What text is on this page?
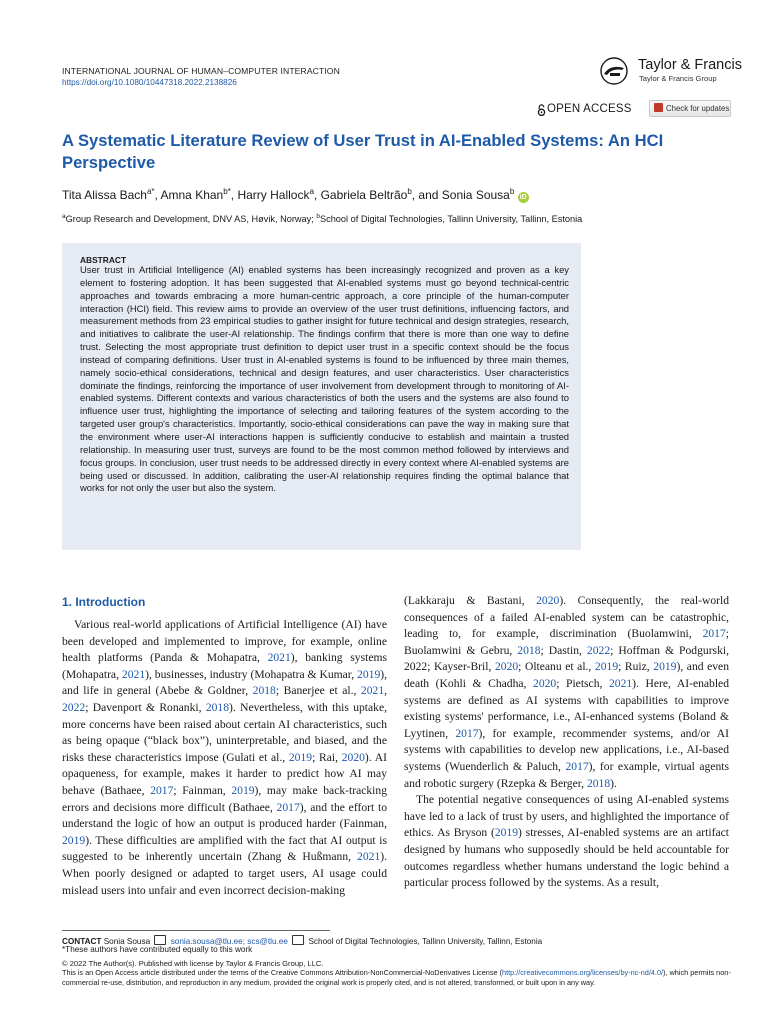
INTERNATIONAL JOURNAL OF HUMAN–COMPUTER INTERACTION
https://doi.org/10.1080/10447318.2022.2138826
Taylor & Francis
Taylor & Francis Group
OPEN ACCESS	Check for updates
A Systematic Literature Review of User Trust in AI-Enabled Systems: An HCI Perspective
Tita Alissa Bach$^{a*}$, Amna Khan$^{b*}$, Harry Hallock$^a$, Gabriela Beltrão$^b$, and Sonia Sousa$^b$ iD
$^a$Group Research and Development, DNV AS, Høvik, Norway; $^b$School of Digital Technologies, Tallinn University, Tallinn, Estonia
ABSTRACT
User trust in Artificial Intelligence (AI) enabled systems has been increasingly recognized and proven as a key element to fostering adoption. It has been suggested that AI-enabled systems must go beyond technical-centric approaches and towards embracing a more human-centric approach, a core principle of the human-computer interaction (HCI) field. This review aims to provide an overview of the user trust definitions, influencing factors, and measurement methods from 23 empirical studies to gather insight for future technical and design strategies, research, and initiatives to calibrate the user-AI relationship. The findings confirm that there is more than one way to define trust. Selecting the most appropriate trust definition to depict user trust in a specific context should be the focus instead of comparing definitions. User trust in AI-enabled systems is found to be influenced by three main themes, namely socio-ethical considerations, technical and design features, and user characteristics. User characteristics dominate the findings, reinforcing the importance of user involvement from development through to monitoring of AI-enabled systems. Different contexts and various characteristics of both the users and the systems are also found to influence user trust, highlighting the importance of selecting and tailoring features of the system according to the targeted user group's characteristics. Importantly, socio-ethical considerations can pave the way in making sure that the environment where user-AI interactions happen is sufficiently conducive to establish and maintain a trusted relationship. In measuring user trust, surveys are found to be the most common method followed by interviews and focus groups. In conclusion, user trust needs to be addressed directly in every context where AI-enabled systems are being used or discussed. In addition, calibrating the user-AI relationship requires finding the optimal balance that works for not only the user but also the system.
1. Introduction

Various real-world applications of Artificial Intelligence (AI) have been developed and implemented to improve, for example, online health platforms (Panda & Mohapatra, 2021), banking systems (Mohapatra, 2021), businesses, industry (Mohapatra & Kumar, 2019), and life in general (Abebe & Goldner, 2018; Banerjee et al., 2021, 2022; Davenport & Ronanki, 2018). Nevertheless, with this uptake, more concerns have been raised about certain AI characteristics, such as being opaque (“black box”), uninterpretable, and biased, and the risks these characteristics impose (Gulati et al., 2019; Rai, 2020). AI opaqueness, for example, makes it harder to predict how AI may behave (Bathaee, 2017; Fainman, 2019), may make back-tracking errors and decisions more difficult (Bathaee, 2017), and the effort to understand the logic of how an output is produced harder (Fainman, 2019). These difficulties are amplified with the fact that AI output is suggested to be inherently uncertain (Zhang & Hußmann, 2021). When poorly designed or adapted to target users, AI usage could mislead users into unfair and even incorrect decision-making

(Lakkaraju & Bastani, 2020). Consequently, the real-world consequences of a failed AI-enabled system can be catastrophic, leading to, for example, discrimination (Buolamwini, 2017; Buolamwini & Gebru, 2018; Dastin, 2022; Hoffman & Podgurski, 2022; Kayser-Bril, 2020; Olteanu et al., 2019; Ruiz, 2019), and even death (Kohli & Chadha, 2020; Pietsch, 2021). Here, AI-enabled systems are defined as AI systems with capabilities to improve existing systems' performance, i.e., AI-enhanced systems (Boland & Lyytinen, 2017), for example, recommender systems, and/or AI systems with capabilities to develop new applications, i.e., AI-based systems (Wuenderlich & Paluch, 2017), for example, virtual agents and robotic surgery (Rzepka & Berger, 2018).

The potential negative consequences of using AI-enabled systems have led to a lack of trust by users, and highlighted the importance of ethics. As Bryson (2019) stresses, AI-enabled systems are an artifact designed by humans who supposedly should be held accountable for outcomes regardless whether humans understand the logic behind a particular process followed by the systems. As a result,

CONTACT Sonia Sousa  sonia.sousa@tlu.ee; scs@tlu.ee  School of Digital Technologies, Tallinn University, Tallinn, Estonia
*These authors have contributed equally to this work
© 2022 The Author(s). Published with license by Taylor & Francis Group, LLC.
This is an Open Access article distributed under the terms of the Creative Commons Attribution-NonCommercial-NoDerivatives License (http://creativecommons.org/licenses/by-nc-nd/4.0/), which permits non-commercial re-use, distribution, and reproduction in any medium, provided the original work is properly cited, and is not altered, transformed, or built upon in any way.
